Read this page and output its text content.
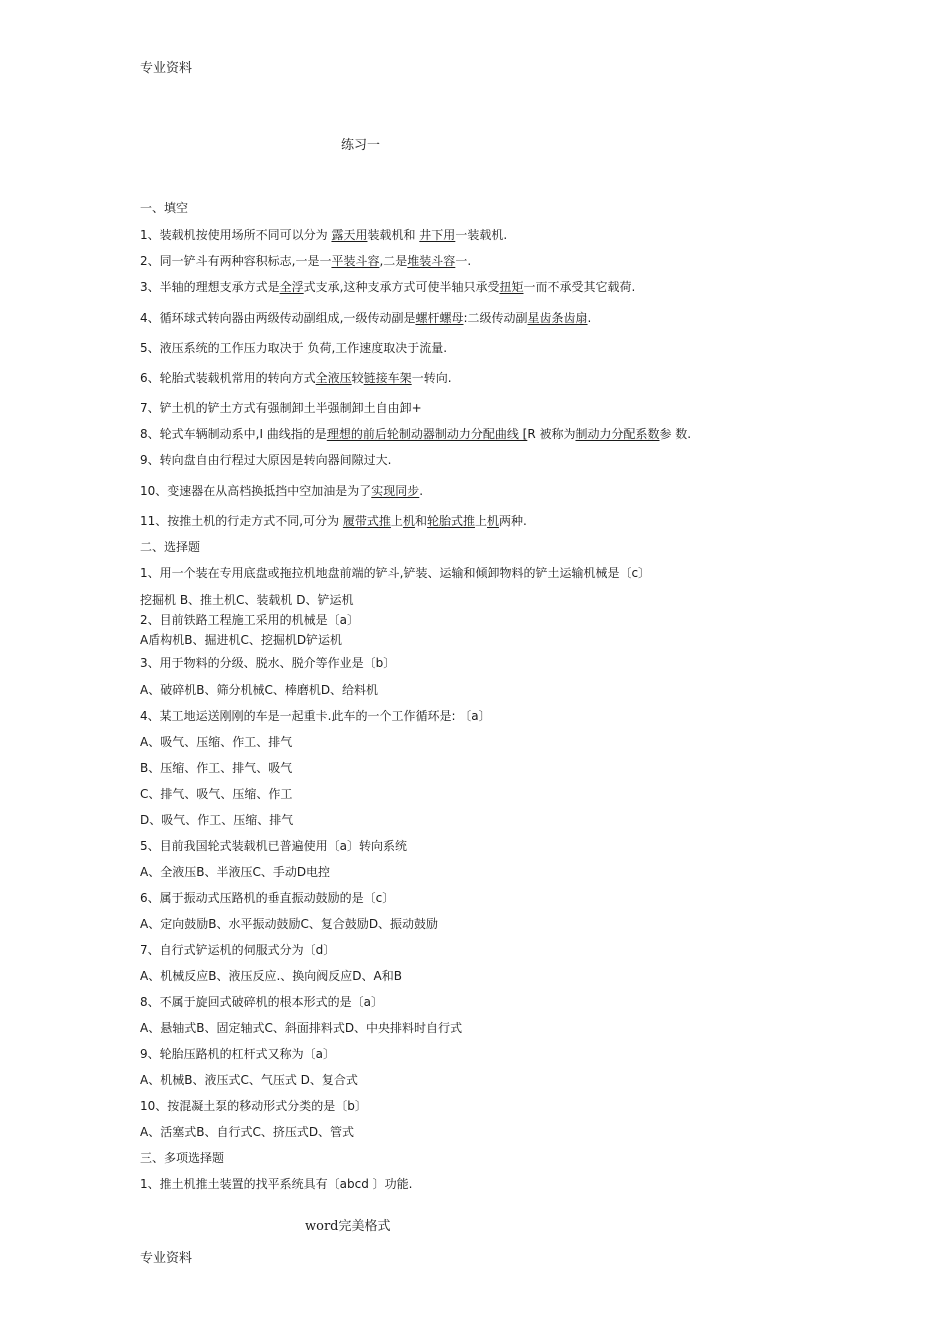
专业资料
练习一
一、填空
1、装载机按使用场所不同可以分为 露天用装载机和 井下用一装载机.
2、同一铲斗有两种容积标志,一是一平装斗容,二是堆装斗容一.
3、半轴的理想支承方式是全浮式支承,这种支承方式可使半轴只承受扭矩一而不承受其它载荷.
4、循环球式转向器由两级传动副组成,一级传动副是螺杆螺母:二级传动副星齿条齿扇.
5、液压系统的工作压力取决于 负荷,工作速度取决于流量.
6、轮胎式装载机常用的转向方式全液压较链接车架一转向.
7、铲土机的铲土方式有强制卸土半强制卸土自由卸+
8、轮式车辆制动系中,I 曲线指的是理想的前后轮制动器制动力分配曲线 [R 被称为制动力分配系数参 数.
9、转向盘自由行程过大原因是转向器间隙过大.
10、变速器在从高档换抵挡中空加油是为了实现同步.
11、按推土机的行走方式不同,可分为 履带式推上机和轮胎式推上机两种.
二、选择题
1、用一个装在专用底盘或拖拉机地盘前端的铲斗,铲装、运输和倾卸物料的铲土运输机械是〔c〕
挖掘机 B、推土机C、装载机 D、铲运机
2、目前铁路工程施工采用的机械是〔a〕
A盾构机B、掘进机C、挖掘机D铲运机
3、用于物料的分级、脱水、脱介等作业是〔b〕
A、破碎机B、筛分机械C、棒磨机D、给料机
4、某工地运送刚刚的车是一起重卡.此车的一个工作循环是: 〔a〕
A、吸气、压缩、作工、排气
B、压缩、作工、排气、吸气
C、排气、吸气、压缩、作工
D、吸气、作工、压缩、排气
5、目前我国轮式装载机已普遍使用〔a〕转向系统
A、全液压B、半液压C、手动D电控
6、属于振动式压路机的垂直振动鼓励的是〔c〕
A、定向鼓励B、水平振动鼓励C、复合鼓励D、振动鼓励
7、自行式铲运机的伺服式分为〔d〕
A、机械反应B、液压反应.、换向阀反应D、A和B
8、不属于旋回式破碎机的根本形式的是〔a〕
A、悬轴式B、固定轴式C、斜面排料式D、中央排料时自行式
9、轮胎压路机的杠杆式又称为〔a〕
A、机械B、液压式C、气压式 D、复合式
10、按混凝土泵的移动形式分类的是〔b〕
A、活塞式B、自行式C、挤压式D、管式
三、多项选择题
1、推土机推土装置的找平系统具有〔abcd 〕功能.
word完美格式
专业资料
